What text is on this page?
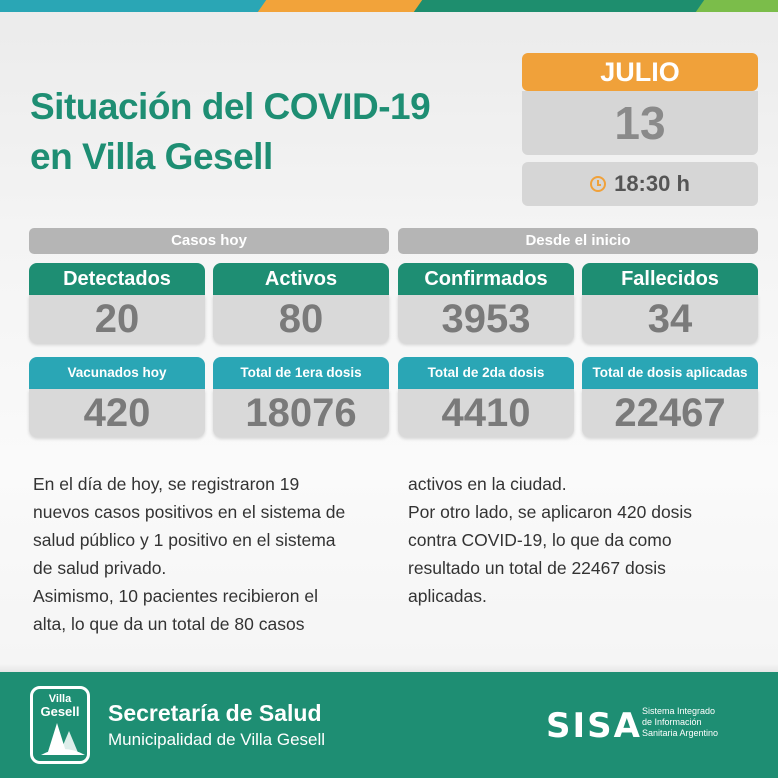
Situación del COVID-19
en Villa Gesell
JULIO
13
18:30 h
Casos hoy	Desde el inicio
Detectados
20
Activos
80
Confirmados
3953
Fallecidos
34
Vacunados hoy
420
Total de 1era dosis
18076
Total de 2da dosis
4410
Total de dosis aplicadas
22467
En el día de hoy, se registraron 19
nuevos casos positivos en el sistema de
salud público y 1 positivo en el sistema
de salud privado.
Asimismo, 10 pacientes recibieron el
alta, lo que da un total de 80 casos
activos en la ciudad.
Por otro lado, se aplicaron 420 dosis
contra COVID-19, lo que da como
resultado un total de 22467 dosis
aplicadas.
Villa
Gesell	Secretaría de Salud
Municipalidad de Villa Gesell	SISA Sistema Integrado
de Información
Sanitaria Argentino
